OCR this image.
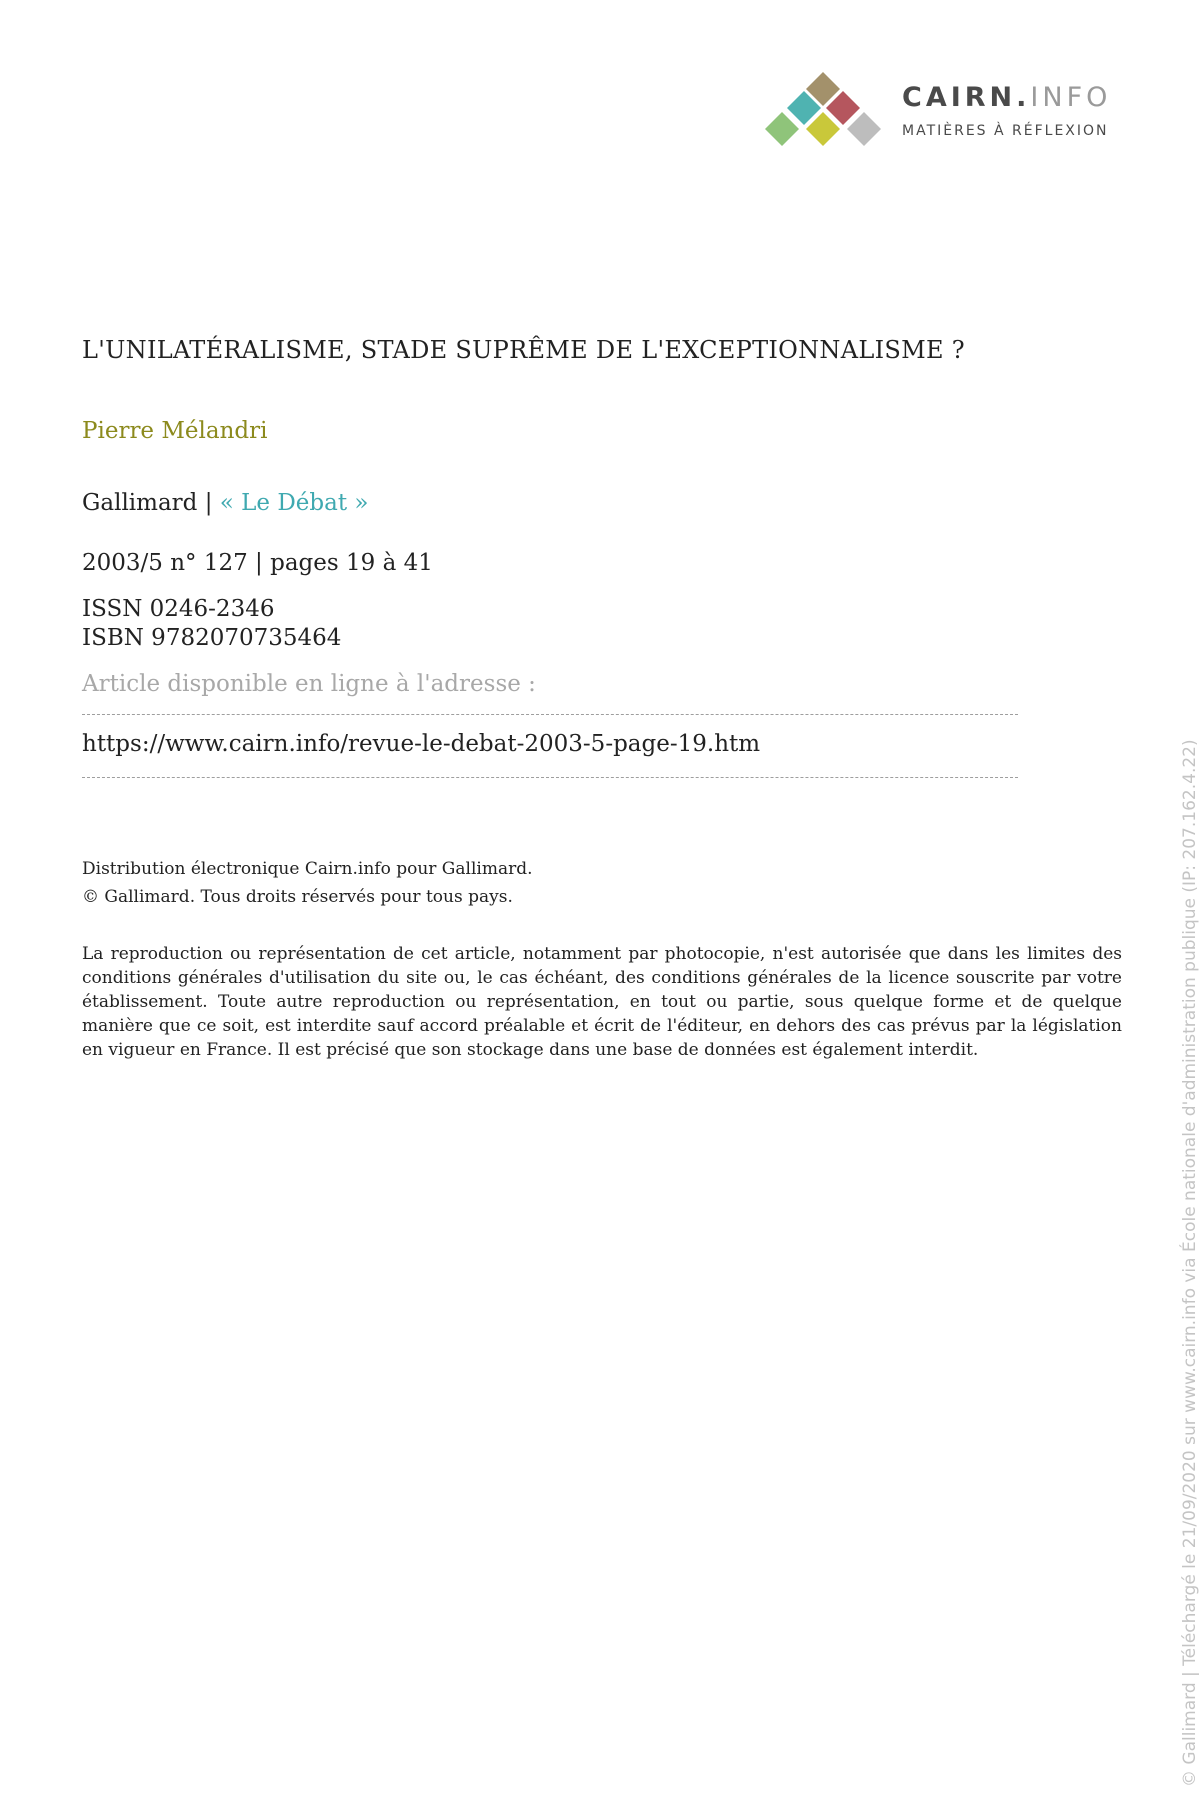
CAIRN.INFO
MATIÈRES À RÉFLEXION
L'UNILATÉRALISME, STADE SUPRÊME DE L'EXCEPTIONNALISME ?
Pierre Mélandri
Gallimard | « Le Débat »
2003/5 n° 127 | pages 19 à 41
ISSN 0246-2346
ISBN 9782070735464
Article disponible en ligne à l'adresse :
https://www.cairn.info/revue-le-debat-2003-5-page-19.htm
Distribution électronique Cairn.info pour Gallimard.
© Gallimard. Tous droits réservés pour tous pays.
La reproduction ou représentation de cet article, notamment par photocopie, n'est autorisée que dans les limites des conditions générales d'utilisation du site ou, le cas échéant, des conditions générales de la licence souscrite par votre établissement. Toute autre reproduction ou représentation, en tout ou partie, sous quelque forme et de quelque manière que ce soit, est interdite sauf accord préalable et écrit de l'éditeur, en dehors des cas prévus par la législation en vigueur en France. Il est précisé que son stockage dans une base de données est également interdit.	© Gallimard | Téléchargé le 21/09/2020 sur www.cairn.info via École nationale d'administration publique (IP: 207.162.4.22)
